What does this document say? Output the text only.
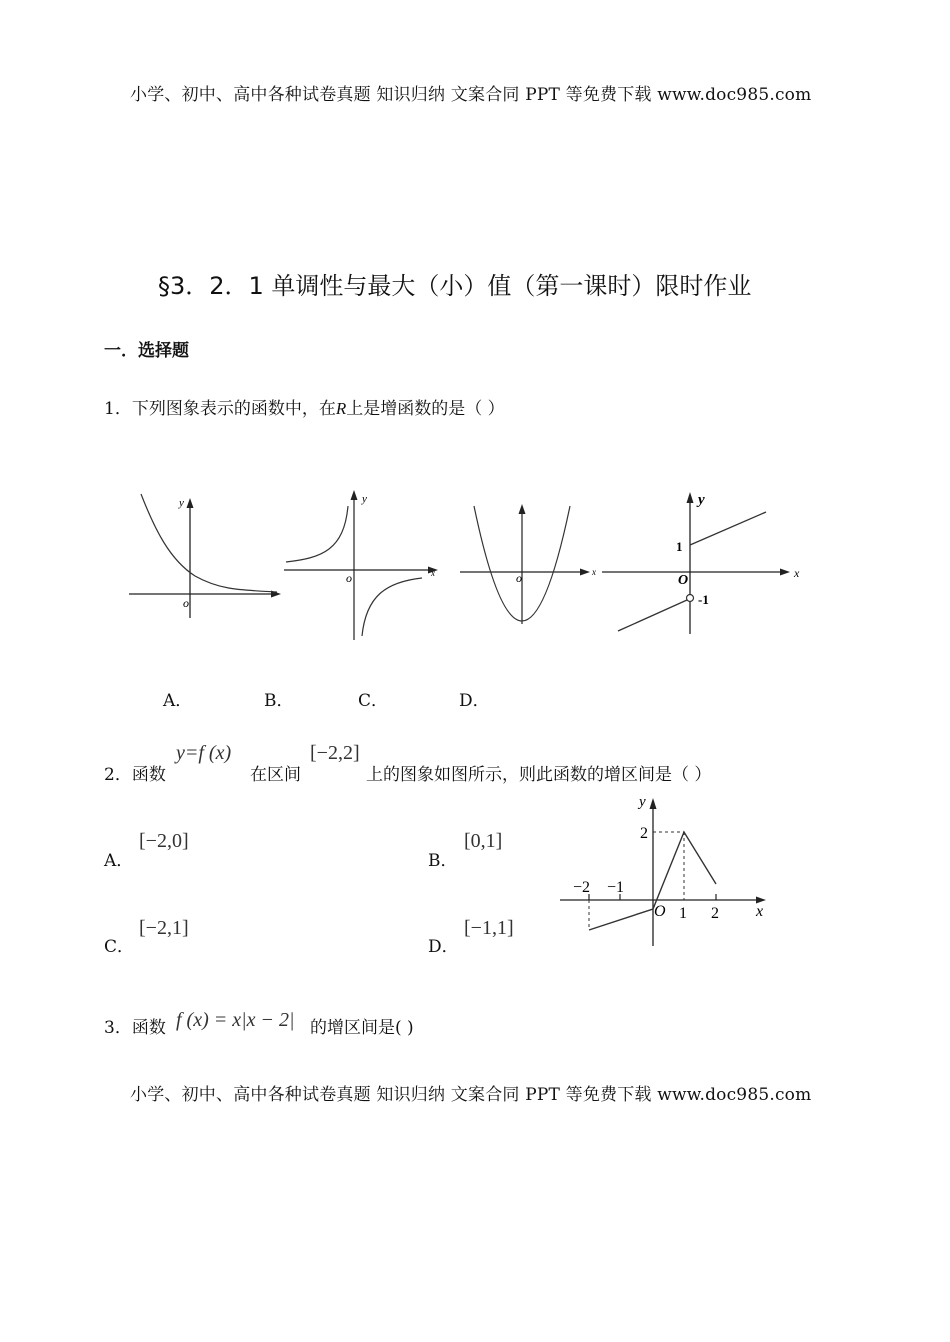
小学、初中、高中各种试卷真题 知识归纳 文案合同 PPT 等免费下载 www.doc985.com
§3．2．1 单调性与最大（小）值（第一课时）限时作业
一．选择题
1．下列图象表示的函数中，在R上是增函数的是（ ）
y
o
y
x
o	x
o
y
x
1
O
-1
A．	B．	C．	D．
2．函数
y=f (x)
在区间
[−2,2]
上的图象如图所示，则此函数的增区间是（ ）
A．
[−2,0]
B．
[0,1]
C．
[−2,1]
D．
[−1,1]
y
x
O
−2 −1
1 2
2
3．函数 f (x) = x|x − 2| 的增区间是( )
小学、初中、高中各种试卷真题 知识归纳 文案合同 PPT 等免费下载 www.doc985.com
